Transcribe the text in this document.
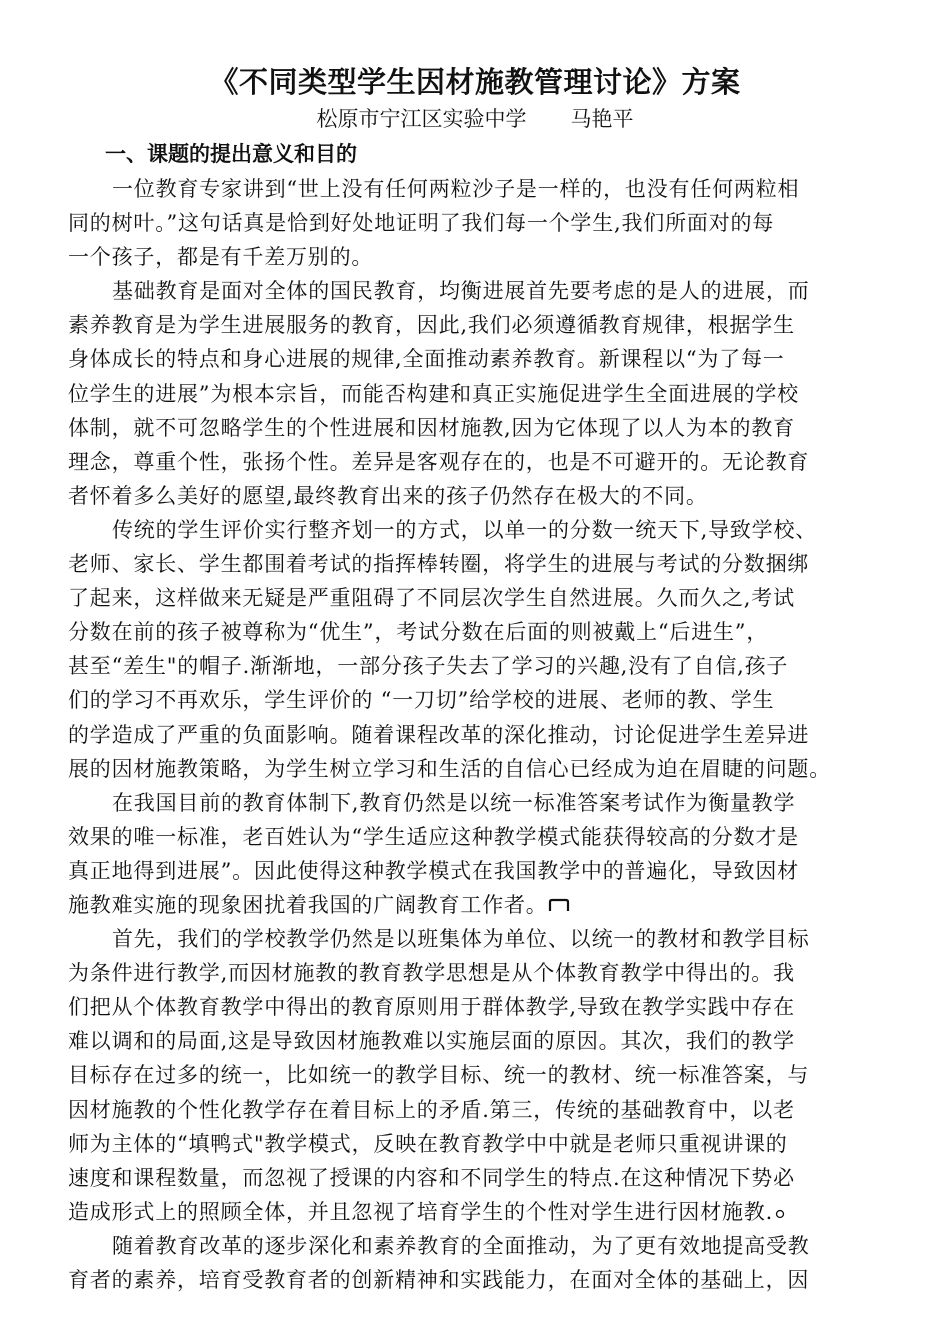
《不同类型学生因材施教管理讨论》方案
松原市宁江区实验中学 马艳平
一、课题的提出意义和目的
一位教育专家讲到“世上没有任何两粒沙子是一样的，也没有任何两粒相
同的树叶。”这句话真是恰到好处地证明了我们每一个学生,我们所面对的每
一个孩子，都是有千差万别的。
基础教育是面对全体的国民教育，均衡进展首先要考虑的是人的进展，而
素养教育是为学生进展服务的教育，因此,我们必须遵循教育规律，根据学生
身体成长的特点和身心进展的规律,全面推动素养教育。新课程以“为了每一
位学生的进展”为根本宗旨，而能否构建和真正实施促进学生全面进展的学校
体制，就不可忽略学生的个性进展和因材施教,因为它体现了以人为本的教育
理念，尊重个性，张扬个性。差异是客观存在的，也是不可避开的。无论教育
者怀着多么美好的愿望,最终教育出来的孩子仍然存在极大的不同。
传统的学生评价实行整齐划一的方式，以单一的分数一统天下,导致学校、
老师、家长、学生都围着考试的指挥棒转圈，将学生的进展与考试的分数捆绑
了起来，这样做来无疑是严重阻碍了不同层次学生自然进展。久而久之,考试
分数在前的孩子被尊称为“优生”，考试分数在后面的则被戴上“后进生”，
甚至“差生"的帽子.渐渐地，一部分孩子失去了学习的兴趣,没有了自信,孩子
们的学习不再欢乐，学生评价的 “一刀切”给学校的进展、老师的教、学生
的学造成了严重的负面影响。随着课程改革的深化推动，讨论促进学生差异进
展的因材施教策略，为学生树立学习和生活的自信心已经成为迫在眉睫的问题。
在我国目前的教育体制下,教育仍然是以统一标准答案考试作为衡量教学
效果的唯一标准，老百姓认为“学生适应这种教学模式能获得较高的分数才是
真正地得到进展”。因此使得这种教学模式在我国教学中的普遍化，导致因材
施教难实施的现象困扰着我国的广阔教育工作者。
首先，我们的学校教学仍然是以班集体为单位、以统一的教材和教学目标
为条件进行教学,而因材施教的教育教学思想是从个体教育教学中得出的。我
们把从个体教育教学中得出的教育原则用于群体教学,导致在教学实践中存在
难以调和的局面,这是导致因材施教难以实施层面的原因。其次，我们的教学
目标存在过多的统一，比如统一的教学目标、统一的教材、统一标准答案，与
因材施教的个性化教学存在着目标上的矛盾.第三，传统的基础教育中，以老
师为主体的“填鸭式"教学模式，反映在教育教学中中就是老师只重视讲课的
速度和课程数量，而忽视了授课的内容和不同学生的特点.在这种情况下势必
造成形式上的照顾全体，并且忽视了培育学生的个性对学生进行因材施教.
随着教育改革的逐步深化和素养教育的全面推动，为了更有效地提高受教
育者的素养，培育受教育者的创新精神和实践能力，在面对全体的基础上，因
